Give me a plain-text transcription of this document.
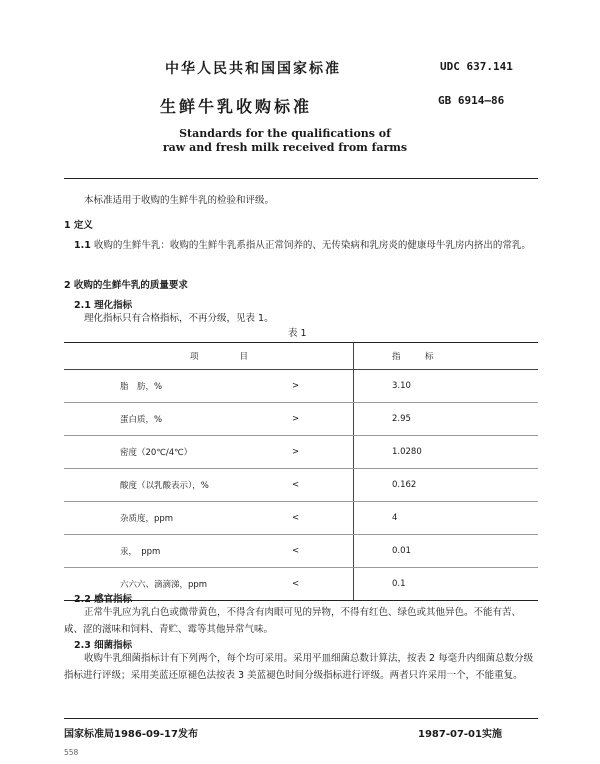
中华人民共和国国家标准	UDC 637.141
生鲜牛乳收购标准	GB 6914—86
Standards for the qualifications of
raw and fresh milk received from farms
本标准适用于收购的生鲜牛乳的检验和评级。
1 定义
1.1 收购的生鲜牛乳：收购的生鲜牛乳系指从正常饲养的、无传染病和乳房炎的健康母牛乳房内挤出的常乳。
2 收购的生鲜牛乳的质量要求
2.1 理化指标
理化指标只有合格指标，不再分级，见表 1。
表 1
项　　目		指　标
脂　肪，%	>	3.10
蛋白质，%	>	2.95
密度（20℃/4℃）	>	1.0280
酸度（以乳酸表示），%	<	0.162
杂质度，ppm	<	4
汞，　ppm	<	0.01
六六六、滴滴涕，ppm	<	0.1
2.2 感官指标
正常牛乳应为乳白色或微带黄色，不得含有肉眼可见的异物，不得有红色、绿色或其他异色。不能有苦、咸、涩的滋味和饲料、青贮、霉等其他异常气味。
2.3 细菌指标
收购牛乳细菌指标计有下列两个，每个均可采用。采用平皿细菌总数计算法，按表 2 每毫升内细菌总数分级指标进行评级；采用美蓝还原褪色法按表 3 美蓝褪色时间分级指标进行评级。两者只许采用一个，不能重复。
国家标准局1986-09-17发布	1987-07-01实施
558
